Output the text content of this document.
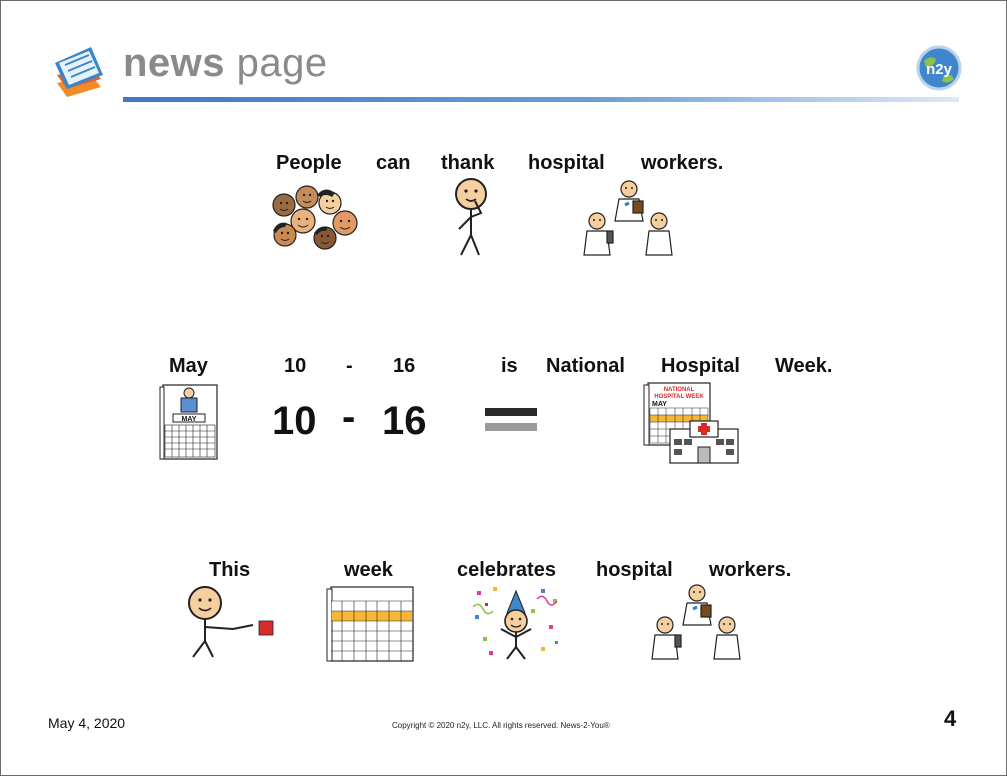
news page	n2y
People can thank hospital workers.
May	10 - 16	is National Hospital Week.
MAY 10 - 16
NATIONAL
HOSPITAL WEEK
MAY
This	week	celebrates hospital workers.
May 4, 2020	Copyright © 2020 n2y, LLC. All rights reserved. News-2-You®	4
